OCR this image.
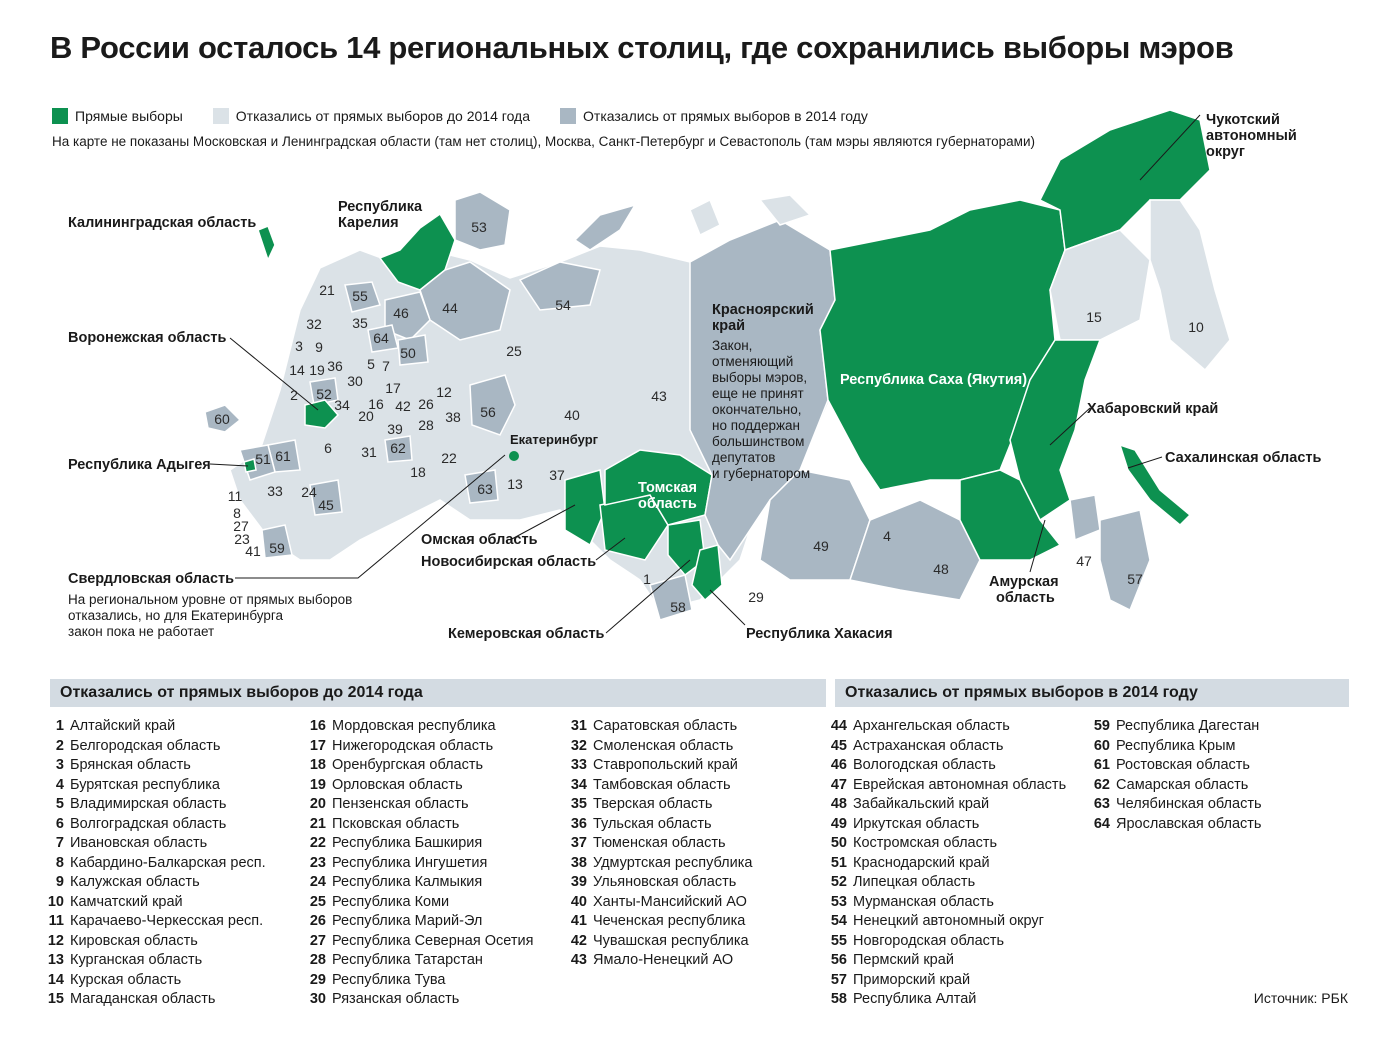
В России осталось 14 региональных столиц, где сохранились выборы мэров
Прямые выборы	Отказались от прямых выборов до 2014 года	Отказались от прямых выборов в 2014 году
На карте не показаны Московская и Ленинградская области (там нет столиц), Москва, Санкт-Петербург и Севастополь (там мэры являются губернаторами)
Екатеринбург
53
21 55
32 35
46 44	54
64
3 9	50
14 19 36 5
30
7
2 52
34
17	12
20
16 42 26
38 56
60
39 28
6 31 62
22
18
40
25
43
51 61
33 24
45
11
8
27
23
41 59
37
13
63
1
58
29
49
4
48
15
10
47
57
Чукотский
автономный
округ
Калининградская область
Республика
Карелия
Воронежская область
Республика Адыгея
Свердловская область
На региональном уровне от прямых выборов
отказались, но для Екатеринбурга
закон пока не работает
Омская область
Новосибирская область
Кемеровская область
Томская
область
Республика Хакасия
Красноярский
край
Закон,
отменяющий
выборы мэров,
еще не принят
окончательно,
но поддержан
большинством
депутатов
и губернатором
Республика Саха (Якутия)
Хабаровский край
Сахалинская область
Амурская
область
Отказались от прямых выборов до 2014 года	Отказались от прямых выборов в 2014 году
1 Алтайский край
2 Белгородская область
3 Брянская область
4 Бурятская республика
5 Владимирская область
6 Волгоградская область
7 Ивановская область
8 Кабардино-Балкарская респ.
9 Калужская область
10 Камчатский край
11 Карачаево-Черкесская респ.
12 Кировская область
13 Курганская область
14 Курская область
15 Магаданская область
16 Мордовская республика
17 Нижегородская область
18 Оренбургская область
19 Орловская область
20 Пензенская область
21 Псковская область
22 Республика Башкирия
23 Республика Ингушетия
24 Республика Калмыкия
25 Республика Коми
26 Республика Марий-Эл
27 Республика Северная Осетия
28 Республика Татарстан
29 Республика Тува
30 Рязанская область
31 Саратовская область
32 Смоленская область
33 Ставропольский край
34 Тамбовская область
35 Тверская область
36 Тульская область
37 Тюменская область
38 Удмуртская республика
39 Ульяновская область
40 Ханты-Мансийский АО
41 Чеченская республика
42 Чувашская республика
43 Ямало-Ненецкий АО
44 Архангельская область
45 Астраханская область
46 Вологодская область
47 Еврейская автономная область
48 Забайкальский край
49 Иркутская область
50 Костромская область
51 Краснодарский край
52 Липецкая область
53 Мурманская область
54 Ненецкий автономный округ
55 Новгородская область
56 Пермский край
57 Приморский край
58 Республика Алтай
59 Республика Дагестан
60 Республика Крым
61 Ростовская область
62 Самарская область
63 Челябинская область
64 Ярославская область
Источник: РБК
